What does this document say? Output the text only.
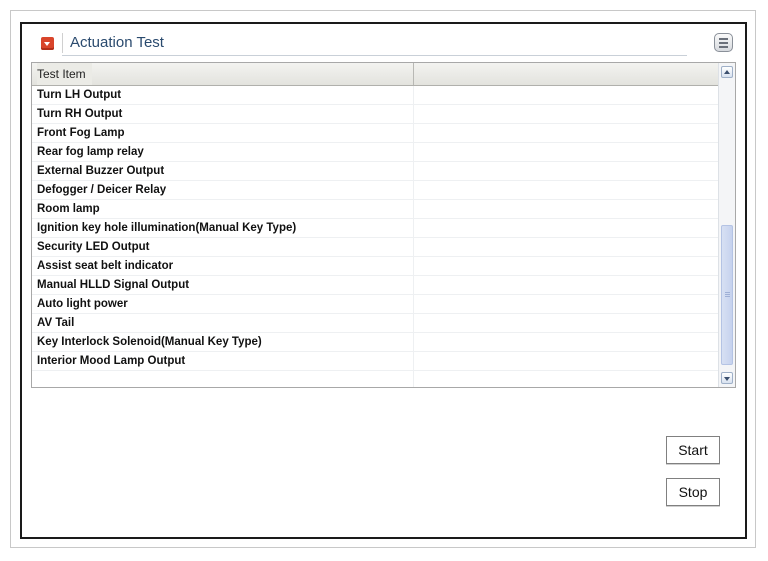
Actuation Test
Test Item
Turn LH Output
Turn RH Output
Front Fog Lamp
Rear fog lamp relay
External Buzzer Output
Defogger / Deicer Relay
Room lamp
Ignition key hole illumination(Manual Key Type)
Security LED Output
Assist seat belt indicator
Manual HLLD Signal Output
Auto light power
AV Tail
Key Interlock Solenoid(Manual Key Type)
Interior Mood Lamp Output
Start
Stop
